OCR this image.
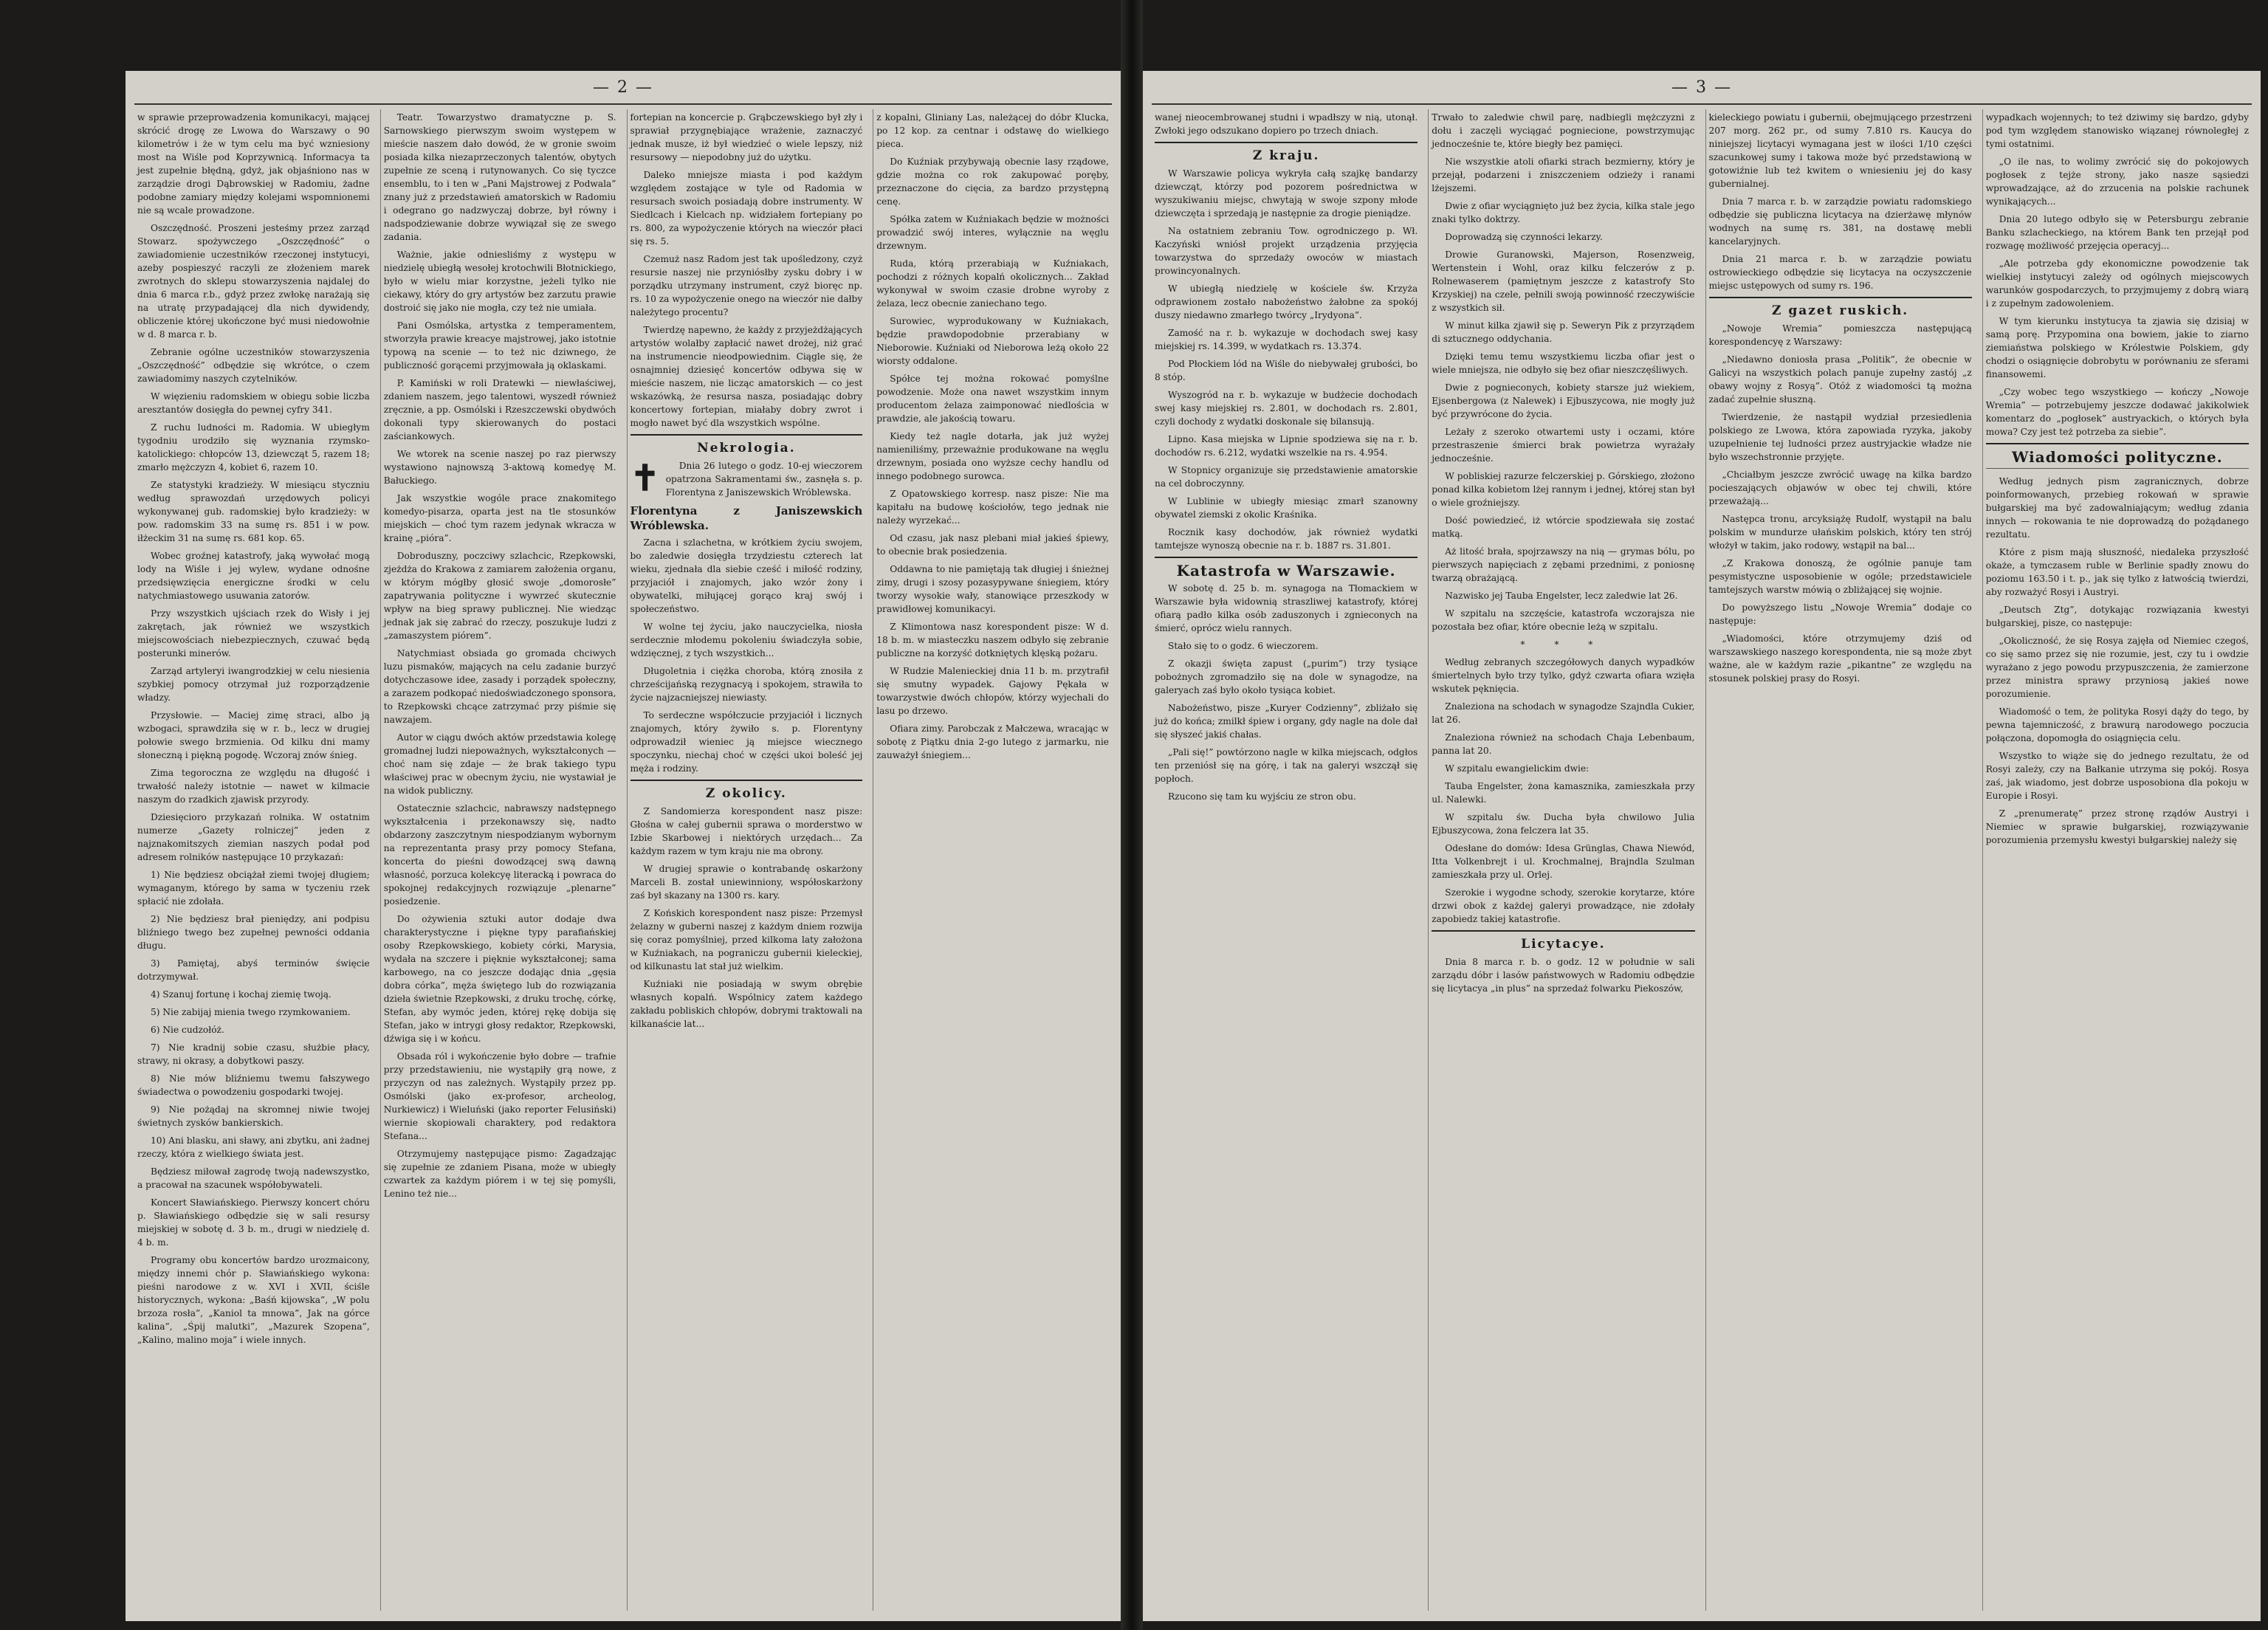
— 2 —

w sprawie przeprowadzenia komunikacyi, mającej skrócić drogę ze Lwowa do Warszawy o 90 kilometrów i że w tym celu ma być wzniesiony most na Wiśle pod Koprzywnicą. Informacya ta jest zupełnie błędną, gdyż, jak objaśniono nas w zarządzie drogi Dąbrowskiej w Radomiu, żadne podobne zamiary między kolejami wspomnionemi nie są wcale prowadzone.

Oszczędność. Proszeni jesteśmy przez zarząd Stowarz. spożywczego „Oszczędność” o zawiadomienie uczestników rzeczonej instytucyi, azeby pospieszyć raczyli ze złożeniem marek zwrotnych do sklepu stowarzyszenia najdalej do dnia 6 marca r.b., gdyż przez zwłokę narażają się na utratę przypadającej dla nich dywidendy, obliczenie której ukończone być musi niedowołnie w d. 8 marca r. b.

Zebranie ogólne uczestników stowarzyszenia „Oszczędność” odbędzie się wkrótce, o czem zawiadomimy naszych czytelników.

W więzieniu radomskiem w obiegu sobie liczba aresztantów dosięgła do pewnej cyfry 341.

Z ruchu ludności m. Radomia. W ubiegłym tygodniu urodziło się wyznania rzymsko-katolickiego: chłopców 13, dziewcząt 5, razem 18; zmarło mężczyzn 4, kobiet 6, razem 10.

Ze statystyki kradzieży. W miesiącu styczniu według sprawozdań urzędowych policyi wykonywanej gub. radomskiej było kradzieży: w pow. radomskim 33 na sumę rs. 851 i w pow. iłżeckim 31 na sumę rs. 681 kop. 65.

Wobec groźnej katastrofy, jaką wywołać mogą lody na Wiśle i jej wylew, wydane odnośne przedsięwzięcia energiczne środki w celu natychmiastowego usuwania zatorów.

Przy wszystkich ujściach rzek do Wisły i jej zakrętach, jak również we wszystkich miejscowościach niebezpiecznych, czuwać będą posterunki minerów.

Zarząd artyleryi iwangrodzkiej w celu niesienia szybkiej pomocy otrzymał już rozporządzenie władzy.

Przysłowie. — Maciej zimę straci, albo ją wzbogaci, sprawdziła się w r. b., lecz w drugiej połowie swego brzmienia. Od kilku dni mamy słoneczną i piękną pogodę. Wczoraj znów śnieg.

Zima tegoroczna ze względu na długość i trwałość należy istotnie — nawet w kilmacie naszym do rzadkich zjawisk przyrody.

Dziesięcioro przykazań rolnika. W ostatnim numerze „Gazety rolniczej” jeden z najznakomitszych ziemian naszych podał pod adresem rolników następujące 10 przykazań:

1) Nie będziesz obciążał ziemi twojej długiem; wymaganym, którego by sama w tyczeniu rzek spłacić nie zdołała.

2) Nie będziesz brał pieniędzy, ani podpisu bliźniego twego bez zupełnej pewności oddania długu.

3) Pamiętaj, abyś terminów święcie dotrzymywał.

4) Szanuj fortunę i kochaj ziemię twoją.

5) Nie zabijaj mienia twego rzymkowaniem.

6) Nie cudzołóż.

7) Nie kradnij sobie czasu, służbie płacy, strawy, ni okrasy, a dobytkowi paszy.

8) Nie mów bliźniemu twemu fałszywego świadectwa o powodzeniu gospodarki twojej.

9) Nie pożądaj na skromnej niwie twojej świetnych zysków bankierskich.

10) Ani blasku, ani sławy, ani zbytku, ani żadnej rzeczy, która z wielkiego świata jest.

Będziesz miłował zagrodę twoją nadewszystko, a pracował na szacunek współobywateli.

Koncert Sławiańskiego. Pierwszy koncert chóru p. Sławiańskiego odbędzie się w sali resursy miejskiej w sobotę d. 3 b. m., drugi w niedzielę d. 4 b. m.

Programy obu koncertów bardzo urozmaicony, między innemi chór p. Sławiańskiego wykona: pieśni narodowe z w. XVI i XVII, ściśle historycznych, wykona: „Baśń kijowska”, „W polu brzoza rosła”, „Kaniol ta mnowa”, Jak na górce kalina”, „Śpij malutki”, „Mazurek Szopena”, „Kalino, malino moja” i wiele innych.

Teatr. Towarzystwo dramatyczne p. S. Sarnowskiego pierwszym swoim występem w mieście naszem dało dowód, że w gronie swoim posiada kilka niezaprzeczonych talentów, obytych zupełnie ze sceną i rutynowanych. Co się tyczce ensemblu, to i ten w „Pani Majstrowej z Podwala” znany już z przedstawień amatorskich w Radomiu i odegrano go nadzwyczaj dobrze, był równy i nadspodziewanie dobrze wywiązał się ze swego zadania.

Ważnie, jakie odniesliśmy z występu w niedzielę ubiegłą wesołej krotochwili Błotnickiego, było w wielu miar korzystne, jeżeli tylko nie ciekawy, który do gry artystów bez zarzutu prawie dostroić się jako nie mogła, czy też nie umiała.

Pani Osmólska, artystka z temperamentem, stworzyła prawie kreacye majstrowej, jako istotnie typową na scenie — to też nic dziwnego, że publiczność gorącemi przyjmowała ją oklaskami.

P. Kamiński w roli Dratewki — niewłaściwej, zdaniem naszem, jego talentowi, wyszedł również zręcznie, a pp. Osmólski i Rzeszczewski obydwóch dokonali typy skierowanych do postaci zaściankowych.

We wtorek na scenie naszej po raz pierwszy wystawiono najnowszą 3-aktową komedyę M. Bałuckiego.

Jak wszystkie wogóle prace znakomitego komedyo-pisarza, oparta jest na tle stosunków miejskich — choć tym razem jedynak wkracza w krainę „pióra”.

Dobroduszny, poczciwy szlachcic, Rzepkowski, zjeżdża do Krakowa z zamiarem założenia organu, w którym mógłby głosić swoje „domorosłe” zapatrywania polityczne i wywrzeć skutecznie wpływ na bieg sprawy publicznej. Nie wiedząc jednak jak się zabrać do rzeczy, poszukuje ludzi z „zamaszystem piórem”.

Natychmiast obsiada go gromada chciwych luzu pismaków, mających na celu zadanie burzyć dotychczasowe idee, zasady i porządek społeczny, a zarazem podkopać niedoświadczonego sponsora, to Rzepkowski chcące zatrzymać przy piśmie się nawzajem.

Autor w ciągu dwóch aktów przedstawia kolegę gromadnej ludzi niepoważnych, wykształconych — choć nam się zdaje — że brak takiego typu właściwej prac w obecnym życiu, nie wystawiał je na widok publiczny.

Ostatecznie szlachcic, nabrawszy nadstępnego wykształcenia i przekonawszy się, nadto obdarzony zaszczytnym niespodzianym wybornym na reprezentanta prasy przy pomocy Stefana, koncerta do pieśni dowodzącej swą dawną własność, porzuca kolekcyę literacką i powraca do spokojnej redakcyjnych rozwiązuje „plenarne” posiedzenie.

Do ożywienia sztuki autor dodaje dwa charakterystyczne i piękne typy parafiańskiej osoby Rzepkowskiego, kobiety córki, Marysia, wydała na szczere i pięknie wykształconej; sama karbowego, na co jeszcze dodając dnia „gęsia dobra córka”, męża świętego lub do rozwiązania dzieła świetnie Rzepkowski, z druku trochę, córkę, Stefan, aby wymóc jeden, której rękę dobija się Stefan, jako w intrygi głosy redaktor, Rzepkowski, dźwiga się i w końcu.

Obsada ról i wykończenie było dobre — trafnie przy przedstawieniu, nie wystąpiły grą nowe, z przyczyn od nas zależnych. Wystąpiły przez pp. Osmólski (jako ex-profesor, archeolog, Nurkiewicz) i Wieluński (jako reporter Felusiński) wiernie skopiowali charaktery, pod redaktora Stefana...

Otrzymujemy następujące pismo: Zagadzając się zupełnie ze zdaniem Pisana, może w ubiegły czwartek za każdym piórem i w tej się pomyśli, Lenino też nie...

fortepian na koncercie p. Grąbczewskiego był zły i sprawiał przygnębiające wrażenie, zaznaczyć jednak musze, iż był wiedzieć o wiele lepszy, niż resursowy — niepodobny już do użytku.

Daleko mniejsze miasta i pod każdym względem zostające w tyle od Radomia w resursach swoich posiadają dobre instrumenty. W Siedlcach i Kielcach np. widziałem fortepiany po rs. 800, za wypożyczenie których na wieczór płaci się rs. 5.

Czemuż nasz Radom jest tak upośledzony, czyż resursie naszej nie przyniósłby zysku dobry i w porządku utrzymany instrument, czyż bioręc np. rs. 10 za wypożyczenie onego na wieczór nie dałby należytego procentu?

Twierdzę napewno, że każdy z przyjeżdżających artystów wolałby zapłacić nawet drożej, niż grać na instrumencie nieodpowiednim. Ciągle się, że osnajmniej dziesięć koncertów odbywa się w mieście naszem, nie licząc amatorskich — co jest wskazówką, że resursa nasza, posiadając dobry koncertowy fortepian, miałaby dobry zwrot i mogło nawet być dla wszystkich wspólne.

Nekrologia.
✝	Dnia 26 lutego o godz. 10-ej wieczorem opatrzona Sakramentami św., zasnęła s. p. Florentyna z Janiszewskich Wróblewska.

Florentyna z Janiszewskich Wróblewska.

Zacna i szlachetna, w krótkiem życiu swojem, bo zaledwie dosięgła trzydziestu czterech lat wieku, zjednała dla siebie cześć i miłość rodziny, przyjaciół i znajomych, jako wzór żony i obywatelki, miłującej gorąco kraj swój i społeczeństwo.

W wolne tej życiu, jako nauczycielka, niosła serdecznie młodemu pokoleniu świadczyła sobie, wdzięcznej, z tych wszystkich...

Długoletnia i ciężka choroba, którą znosiła z chrześcijańską rezygnacyą i spokojem, strawiła to życie najzacniejszej niewiasty.

To serdeczne współczucie przyjaciół i licznych znajomych, który żywiło s. p. Florentyny odprowadził wieniec ją miejsce wiecznego spoczynku, niechaj choć w części ukoi boleść jej męża i rodziny.

Z okolicy.

Z Sandomierza korespondent nasz pisze: Głośna w całej gubernii sprawa o morderstwo w Izbie Skarbowej i niektórych urzędach... Za każdym razem w tym kraju nie ma obrony.

W drugiej sprawie o kontrabandę oskarżony Marceli B. został uniewinniony, współoskarżony zaś był skazany na 1300 rs. kary.

Z Końskich korespondent nasz pisze: Przemysł żelazny w guberni naszej z każdym dniem rozwija się coraz pomyślniej, przed kilkoma laty założona w Kuźniakach, na pograniczu gubernii kieleckiej, od kilkunastu lat stał już wielkim.

Kuźniaki nie posiadają w swym obrębie własnych kopalń. Wspólnicy zatem każdego zakładu pobliskich chłopów, dobrymi traktowali na kilkanaście lat...

z kopalni, Gliniany Las, należącej do dóbr Klucka, po 12 kop. za centnar i odstawę do wielkiego pieca.

Do Kuźniak przybywają obecnie lasy rządowe, gdzie można co rok zakupować poręby, przeznaczone do cięcia, za bardzo przystępną cenę.

Spółka zatem w Kuźniakach będzie w możności prowadzić swój interes, wyłącznie na węglu drzewnym.

Ruda, którą przerabiają w Kuźniakach, pochodzi z różnych kopalń okolicznych... Zakład wykonywał w swoim czasie drobne wyroby z żelaza, lecz obecnie zaniechano tego.

Surowiec, wyprodukowany w Kuźniakach, będzie prawdopodobnie przerabiany w Nieborowie. Kuźniaki od Nieborowa leżą około 22 wiorsty oddalone.

Spółce tej można rokować pomyślne powodzenie. Może ona nawet wszystkim innym producentom żelaza zaimponować niedlościa w prawdzie, ale jakością towaru.

Kiedy też nagle dotarła, jak już wyżej namieniliśmy, przeważnie produkowane na węglu drzewnym, posiada ono wyższe cechy handlu od innego podobnego surowca.

Z Opatowskiego korresp. nasz pisze: Nie ma kapitału na budowę kościołów, tego jednak nie należy wyrzekać...

Od czasu, jak nasz plebani miał jakieś śpiewy, to obecnie brak posiedzenia.

Oddawna to nie pamiętają tak długiej i śnieżnej zimy, drugi i szosy pozasypywane śniegiem, który tworzy wysokie wały, stanowiące przeszkody w prawidłowej komunikacyi.

Z Klimontowa nasz korespondent pisze: W d. 18 b. m. w miasteczku naszem odbyło się zebranie publiczne na korzyść dotkniętych klęską pożaru.

W Rudzie Malenieckiej dnia 11 b. m. przytrafił się smutny wypadek. Gajowy Pękała w towarzystwie dwóch chłopów, którzy wyjechali do lasu po drzewo.

Ofiara zimy. Parobczak z Małczewa, wracając w sobotę z Piątku dnia 2-go lutego z jarmarku, nie zauważył śniegiem...

— 3 —

wanej nieocembrowanej studni i wpadłszy w nią, utonął. Zwłoki jego odszukano dopiero po trzech dniach.

Z kraju.

W Warszawie policya wykryła całą szajkę bandarzy dziewcząt, którzy pod pozorem pośrednictwa w wyszukiwaniu miejsc, chwytają w swoje szpony młode dziewczęta i sprzedają je następnie za drogie pieniądze.

Na ostatniem zebraniu Tow. ogrodniczego p. Wł. Kaczyński wniósł projekt urządzenia przyjęcia towarzystwa do sprzedaży owoców w miastach prowincyonalnych.

W ubiegłą niedzielę w kościele św. Krzyża odprawionem zostało nabożeństwo żałobne za spokój duszy niedawno zmarłego twórcy „Irydyona”.

Zamość na r. b. wykazuje w dochodach swej kasy miejskiej rs. 14.399, w wydatkach rs. 13.374.

Pod Płockiem lód na Wiśle do niebywałej grubości, bo 8 stóp.

Wyszogród na r. b. wykazuje w budżecie dochodach swej kasy miejskiej rs. 2.801, w dochodach rs. 2.801, czyli dochody z wydatki doskonale się bilansują.

Lipno. Kasa miejska w Lipnie spodziewa się na r. b. dochodów rs. 6.212, wydatki wszelkie na rs. 4.954.

W Stopnicy organizuje się przedstawienie amatorskie na cel dobroczynny.

W Lublinie w ubiegły miesiąc zmarł szanowny obywatel ziemski z okolic Kraśnika.

Rocznik kasy dochodów, jak również wydatki tamtejsze wynoszą obecnie na r. b. 1887 rs. 31.801.

Katastrofa w Warszawie.

W sobotę d. 25 b. m. synagoga na Tłomackiem w Warszawie była widownią straszliwej katastrofy, której ofiarą padło kilka osób zaduszonych i zgnieconych na śmierć, oprócz wielu rannych.

Stało się to o godz. 6 wieczorem.

Z okazji święta zapust („purim”) trzy tysiące pobożnych zgromadziło się na dole w synagodze, na galeryach zaś było około tysiąca kobiet.

Nabożeństwo, pisze „Kuryer Codzienny”, zbliżało się już do końca; zmilkł śpiew i organy, gdy nagle na dole dał się słyszeć jakiś chałas.

„Pali się!” powtórzono nagle w kilka miejscach, odgłos ten przeniósł się na górę, i tak na galeryi wszczął się popłoch.

Rzucono się tam ku wyjściu ze stron obu.

Trwało to zaledwie chwil parę, nadbiegli mężczyzni z dołu i zaczęli wyciągać pogniecione, powstrzymując jednocześnie te, które biegły bez pamięci.

Nie wszystkie atoli ofiarki strach bezmierny, który je przejął, podarzeni i zniszczeniem odzieży i ranami lżejszemi.

Dwie z ofiar wyciągnięto już bez życia, kilka stale jego znaki tylko doktrzy.

Doprowadzą się czynności lekarzy.

Drowie Guranowski, Majerson, Rosenzweig, Wertenstein i Wohl, oraz kilku felczerów z p. Rolnewaserem (pamiętnym jeszcze z katastrofy Sto Krzyskiej) na czele, pełnili swoją powinność rzeczywiście z wszystkich sił.

W minut kilka zjawił się p. Seweryn Pik z przyrządem di sztucznego oddychania.

Dzięki temu temu wszystkiemu liczba ofiar jest o wiele mniejsza, nie odbyło się bez ofiar nieszczęśliwych.

Dwie z pognieconych, kobiety starsze już wiekiem, Ejsenbergowa (z Nalewek) i Ejbuszycowa, nie mogły już być przywrócone do życia.

Leżały z szeroko otwartemi usty i oczami, które przestraszenie śmierci brak powietrza wyrażały jednocześnie.

W pobliskiej razurze felczerskiej p. Górskiego, złożono ponad kilka kobietom lżej rannym i jednej, której stan był o wiele groźniejszy.

Dość powiedzieć, iż wtórcie spodziewała się zostać matką.

Aż litość brała, spojrzawszy na nią — grymas bólu, po pierwszych napięciach z zębami przednimi, z poniosnę twarzą obrażającą.

Nazwisko jej Tauba Engelster, lecz zaledwie lat 26.

W szpitalu na szczęście, katastrofa wczorajsza nie pozostała bez ofiar, które obecnie leżą w szpitalu.

* * *

Według zebranych szczegółowych danych wypadków śmiertelnych było trzy tylko, gdyż czwarta ofiara wzięła wskutek pęknięcia.

Znaleziona na schodach w synagodze Szajndla Cukier, lat 26.

Znaleziona również na schodach Chaja Lebenbaum, panna lat 20.

W szpitalu ewangielickim dwie:

Tauba Engelster, żona kamasznika, zamieszkała przy ul. Nalewki.

W szpitalu św. Ducha była chwilowo Julia Ejbuszycowa, żona felczera lat 35.

Odesłane do domów: Idesa Grünglas, Chawa Niewód, Itta Volkenbrejt i ul. Krochmalnej, Brajndla Szulman zamieszkała przy ul. Orlej.

Szerokie i wygodne schody, szerokie korytarze, które drzwi obok z każdej galeryi prowadzące, nie zdołały zapobiedz takiej katastrofie.

Licytacye.

Dnia 8 marca r. b. o godz. 12 w południe w sali zarządu dóbr i lasów państwowych w Radomiu odbędzie się licytacya „in plus” na sprzedaż folwarku Piekoszów,

kieleckiego powiatu i gubernii, obejmującego przestrzeni 207 morg. 262 pr., od sumy 7.810 rs. Kaucya do niniejszej licytacyi wymagana jest w ilości 1/10 części szacunkowej sumy i takowa może być przedstawioną w gotowiźnie lub też kwitem o wniesieniu jej do kasy gubernialnej.

Dnia 7 marca r. b. w zarządzie powiatu radomskiego odbędzie się publiczna licytacya na dzierżawę młynów wodnych na sumę rs. 381, na dostawę mebli kancelaryjnych.

Dnia 21 marca r. b. w zarządzie powiatu ostrowieckiego odbędzie się licytacya na oczyszczenie miejsc ustępowych od sumy rs. 196.

Z gazet ruskich.

„Nowoje Wremia” pomieszcza następującą korespondencyę z Warszawy:

„Niedawno doniosła prasa „Politik”, że obecnie w Galicyi na wszystkich polach panuje zupełny zastój „z obawy wojny z Rosyą”. Otóż z wiadomości tą można zadać zupełnie słuszną.

Twierdzenie, że nastąpił wydział przesiedlenia polskiego ze Lwowa, która zapowiada ryzyka, jakoby uzupełnienie tej ludności przez austryjackie władze nie było wszechstronnie przyjęte.

„Chciałbym jeszcze zwrócić uwagę na kilka bardzo pocieszających objawów w obec tej chwili, które przeważają...

Następca tronu, arcyksiążę Rudolf, wystąpił na balu polskim w mundurze ułańskim polskich, który ten strój włożył w takim, jako rodowy, wstąpił na bal...

„Z Krakowa donoszą, że ogólnie panuje tam pesymistyczne usposobienie w ogóle; przedstawiciele tamtejszych warstw mówią o zbliżającej się wojnie.

Do powyższego listu „Nowoje Wremia” dodaje co następuje:

„Wiadomości, które otrzymujemy dziś od warszawskiego naszego korespondenta, nie są może zbyt ważne, ale w każdym razie „pikantne” ze względu na stosunek polskiej prasy do Rosyi.

wypadkach wojennych; to też dziwimy się bardzo, gdyby pod tym względem stanowisko wiązanej równoległej z tymi ostatnimi.

„O ile nas, to wolimy zwrócić się do pokojowych pogłosek z tejże strony, jako nasze sąsiedzi wprowadzające, aż do zrzucenia na polskie rachunek wynikających...

Dnia 20 lutego odbyło się w Petersburgu zebranie Banku szlacheckiego, na którem Bank ten przejął pod rozwagę możliwość przejęcia operacyj...

„Ale potrzeba gdy ekonomiczne powodzenie tak wielkiej instytucyi zależy od ogólnych miejscowych warunków gospodarczych, to przyjmujemy z dobrą wiarą i z zupełnym zadowoleniem.

W tym kierunku instytucya ta zjawia się dzisiaj w samą porę. Przypomina ona bowiem, jakie to ziarno ziemiaństwa polskiego w Królestwie Polskiem, gdy chodzi o osiągnięcie dobrobytu w porównaniu ze sferami finansowemi.

„Czy wobec tego wszystkiego — kończy „Nowoje Wremia” — potrzebujemy jeszcze dodawać jakikolwiek komentarz do „pogłosek” austryackich, o których była mowa? Czy jest też potrzeba za siebie”.

Wiadomości polityczne.

Według jednych pism zagranicznych, dobrze poinformowanych, przebieg rokowań w sprawie bułgarskiej ma być zadowalniającym; według zdania innych — rokowania te nie doprowadzą do pożądanego rezultatu.

Które z pism mają słuszność, niedaleka przyszłość okaże, a tymczasem ruble w Berlinie spadły znowu do poziomu 163.50 i t. p., jak się tylko z łatwością twierdzi, aby rozważyć Rosyi i Austryi.

„Deutsch Ztg”, dotykając rozwiązania kwestyi bułgarskiej, pisze, co następuje:

„Okoliczność, że się Rosya zajęła od Niemiec czegoś, co się samo przez się nie rozumie, jest, czy tu i owdzie wyrażano z jego powodu przypuszczenia, że zamierzone przez ministra sprawy przyniosą jakieś nowe porozumienie.

Wiadomość o tem, że polityka Rosyi dąży do tego, by pewna tajemniczość, z brawurą narodowego poczucia połączona, dopomogła do osiągnięcia celu.

Wszystko to wiąże się do jednego rezultatu, że od Rosyi zależy, czy na Bałkanie utrzyma się pokój. Rosya zaś, jak wiadomo, jest dobrze usposobiona dla pokoju w Europie i Rosyi.

Z „prenumeratę” przez stronę rządów Austryi i Niemiec w sprawie bułgarskiej, rozwiązywanie porozumienia przemysłu kwestyi bułgarskiej należy się
